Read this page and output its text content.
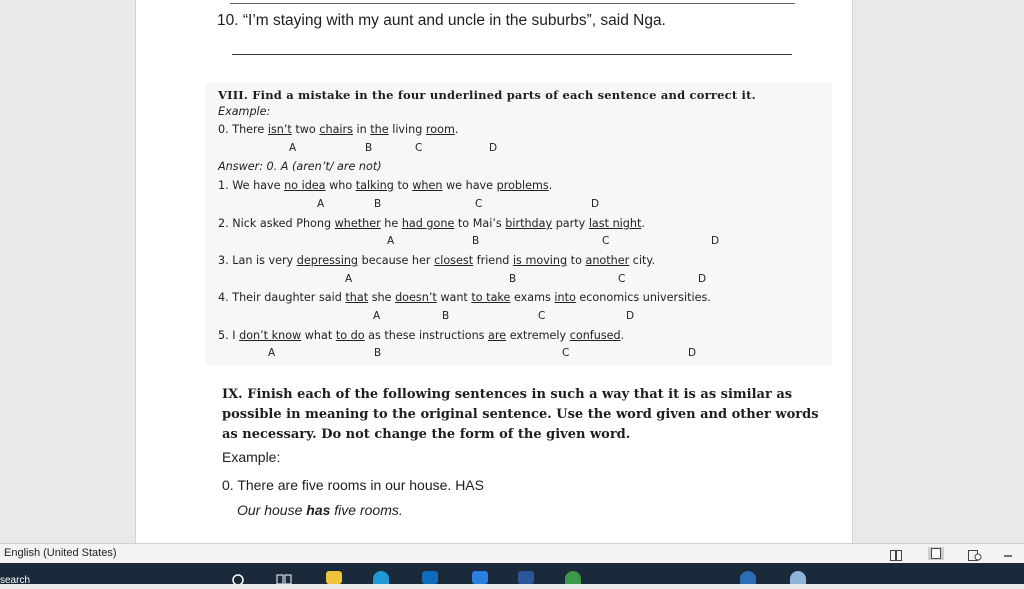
10. “I’m staying with my aunt and uncle in the suburbs”, said Nga.
VIII. Find a mistake in the four underlined parts of each sentence and correct it.
Example:
0. There isn’t two chairs in the living room.
A	B	C	D
Answer: 0. A (aren’t/ are not)
1. We have no idea who talking to when we have problems.
A	B	C	D
2. Nick asked Phong whether he had gone to Mai’s birthday party last night.
A	B	C	D
3. Lan is very depressing because her closest friend is moving to another city.
A	B	C	D
4. Their daughter said that she doesn’t want to take exams into economics universities.
A	B	C	D
5. I don’t know what to do as these instructions are extremely confused.
A	B	C	D
IX. Finish each of the following sentences in such a way that it is as similar as possible in meaning to the original sentence. Use the word given and other words as necessary. Do not change the form of the given word.
Example:
0. There are five rooms in our house. HAS
Our house has five rooms.
English (United States)
search
